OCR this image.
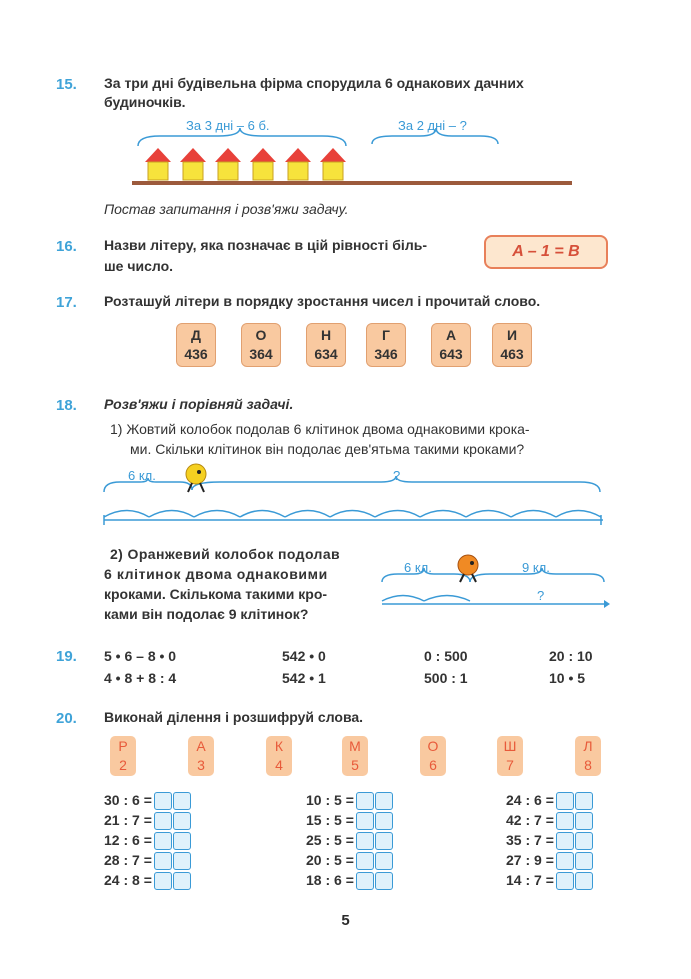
15. За три дні будівельна фірма спорудила 6 однакових дачних
будиночків.
За 3 дні – 6 б.	За 2 дні – ?
Постав запитання і розв'яжи задачу.
16. Назви літеру, яка позначає в цій рівності біль-
ше число.
A – 1 = B
17. Розташуй літери в порядку зростання чисел і прочитай слово.
Д
436
О
364
Н
634
Г
346
А
643
И
463
18. Розв'яжи і порівняй задачі.
1) Жовтий колобок подолав 6 клітинок двома однаковими крока-
ми. Скільки клітинок він подолає дев'ятьма такими кроками?
6 кл.	?
2) Оранжевий колобок подолав
6 клітинок двома однаковими
кроками. Скількома такими кро-
ками він подолає 9 клітинок?
6 кл.	9 кл.
?
19. 5 • 6 – 8 • 0	542 • 0	0 : 500	20 : 10
4 • 8 + 8 : 4	542 • 1	500 : 1	10 • 5
20. Виконай ділення і розшифруй слова.
Р
2
А
3
К
4
М
5
О
6
Ш
7
Л
8
30 : 6 =
21 : 7 =
12 : 6 =
28 : 7 =
24 : 8 =
10 : 5 =
15 : 5 =
25 : 5 =
20 : 5 =
18 : 6 =
24 : 6 =
42 : 7 =
35 : 7 =
27 : 9 =
14 : 7 =
5
